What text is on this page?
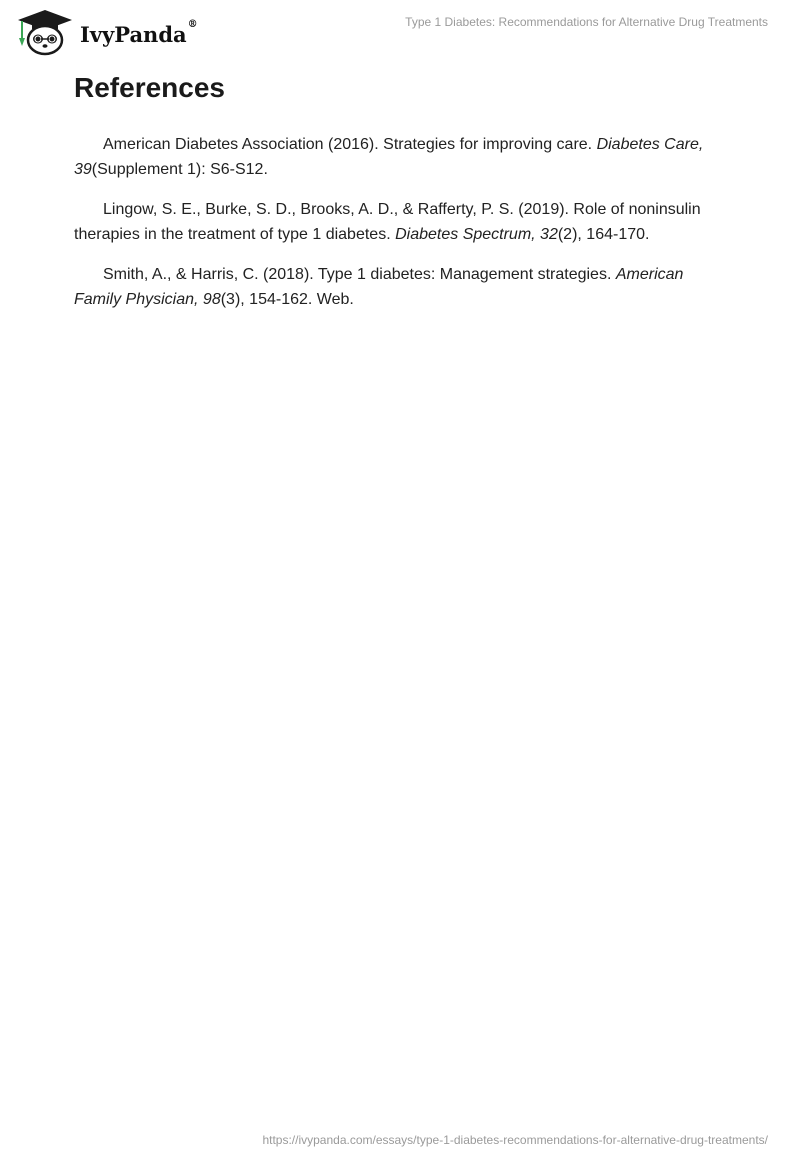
IvyPanda®	Type 1 Diabetes: Recommendations for Alternative Drug Treatments
References

American Diabetes Association (2016). Strategies for improving care. Diabetes Care, 39(Supplement 1): S6-S12.

Lingow, S. E., Burke, S. D., Brooks, A. D., & Rafferty, P. S. (2019). Role of noninsulin therapies in the treatment of type 1 diabetes. Diabetes Spectrum, 32(2), 164-170.

Smith, A., & Harris, C. (2018). Type 1 diabetes: Management strategies. American Family Physician, 98(3), 154-162. Web.

https://ivypanda.com/essays/type-1-diabetes-recommendations-for-alternative-drug-treatments/
